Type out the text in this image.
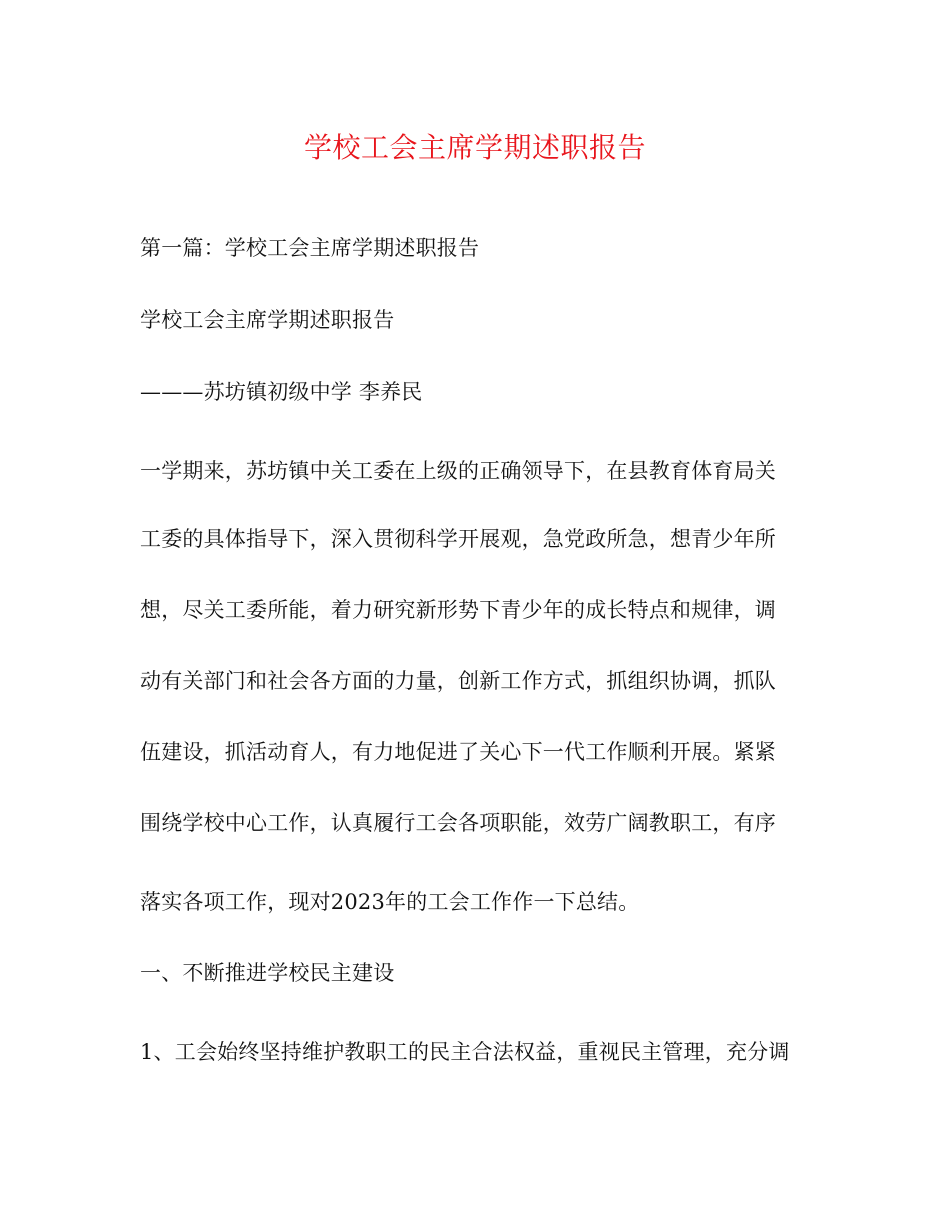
学校工会主席学期述职报告
第一篇：学校工会主席学期述职报告
学校工会主席学期述职报告
———苏坊镇初级中学 李养民
一学期来，苏坊镇中关工委在上级的正确领导下，在县教育体育局关
工委的具体指导下，深入贯彻科学开展观，急党政所急，想青少年所
想，尽关工委所能，着力研究新形势下青少年的成长特点和规律，调
动有关部门和社会各方面的力量，创新工作方式，抓组织协调，抓队
伍建设，抓活动育人，有力地促进了关心下一代工作顺利开展。紧紧
围绕学校中心工作，认真履行工会各项职能，效劳广阔教职工，有序
落实各项工作，现对2023年的工会工作作一下总结。
一、不断推进学校民主建设
1、工会始终坚持维护教职工的民主合法权益，重视民主管理，充分调
